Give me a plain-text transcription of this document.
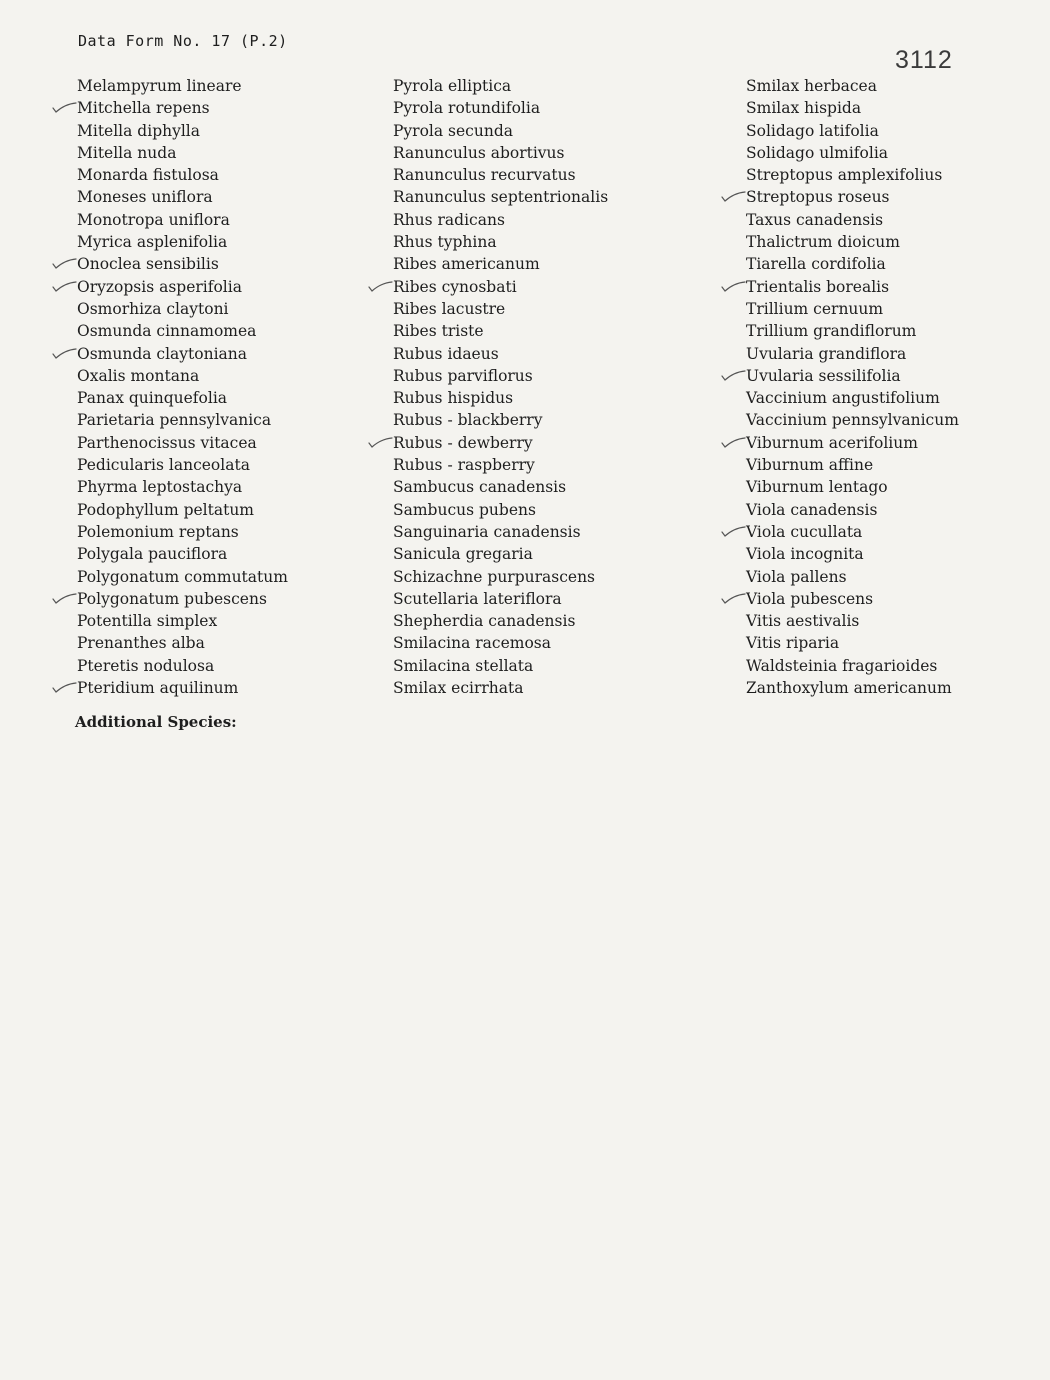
Data Form No. 17 (P.2)
3112
Melampyrum lineare
Mitchella repens
Mitella diphylla
Mitella nuda
Monarda fistulosa
Moneses uniflora
Monotropa uniflora
Myrica asplenifolia
Onoclea sensibilis
Oryzopsis asperifolia
Osmorhiza claytoni
Osmunda cinnamomea
Osmunda claytoniana
Oxalis montana
Panax quinquefolia
Parietaria pennsylvanica
Parthenocissus vitacea
Pedicularis lanceolata
Phyrma leptostachya
Podophyllum peltatum
Polemonium reptans
Polygala pauciflora
Polygonatum commutatum
Polygonatum pubescens
Potentilla simplex
Prenanthes alba
Pteretis nodulosa
Pteridium aquilinum
Pyrola elliptica
Pyrola rotundifolia
Pyrola secunda
Ranunculus abortivus
Ranunculus recurvatus
Ranunculus septentrionalis
Rhus radicans
Rhus typhina
Ribes americanum
Ribes cynosbati
Ribes lacustre
Ribes triste
Rubus idaeus
Rubus parviflorus
Rubus hispidus
Rubus - blackberry
Rubus - dewberry
Rubus - raspberry
Sambucus canadensis
Sambucus pubens
Sanguinaria canadensis
Sanicula gregaria
Schizachne purpurascens
Scutellaria lateriflora
Shepherdia canadensis
Smilacina racemosa
Smilacina stellata
Smilax ecirrhata
Smilax herbacea
Smilax hispida
Solidago latifolia
Solidago ulmifolia
Streptopus amplexifolius
Streptopus roseus
Taxus canadensis
Thalictrum dioicum
Tiarella cordifolia
Trientalis borealis
Trillium cernuum
Trillium grandiflorum
Uvularia grandiflora
Uvularia sessilifolia
Vaccinium angustifolium
Vaccinium pennsylvanicum
Viburnum acerifolium
Viburnum affine
Viburnum lentago
Viola canadensis
Viola cucullata
Viola incognita
Viola pallens
Viola pubescens
Vitis aestivalis
Vitis riparia
Waldsteinia fragarioides
Zanthoxylum americanum
Additional Species:
